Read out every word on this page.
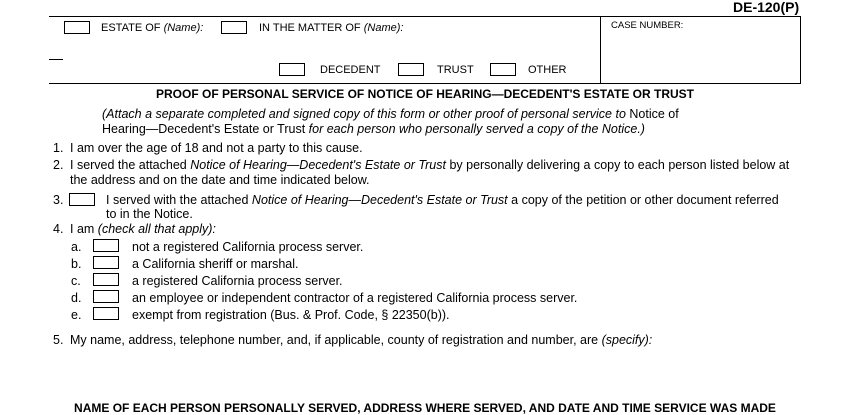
DE-120(P)
CASE NUMBER:
ESTATE OF (Name):	IN THE MATTER OF (Name):
DECEDENT	TRUST	OTHER
PROOF OF PERSONAL SERVICE OF NOTICE OF HEARING—DECEDENT'S ESTATE OR TRUST
(Attach a separate completed and signed copy of this form or other proof of personal service to Notice of
Hearing—Decedent's Estate or Trust for each person who personally served a copy of the Notice.)
1. I am over the age of 18 and not a party to this cause.
2. I served the attached Notice of Hearing—Decedent's Estate or Trust by personally delivering a copy to each person listed below at
the address and on the date and time indicated below.
3.	I served with the attached Notice of Hearing—Decedent's Estate or Trust a copy of the petition or other document referred
to in the Notice.
4. I am (check all that apply):
a.	not a registered California process server.
b.	a California sheriff or marshal.
c.	a registered California process server.
d.	an employee or independent contractor of a registered California process server.
e.	exempt from registration (Bus. & Prof. Code, § 22350(b)).
5. My name, address, telephone number, and, if applicable, county of registration and number, are (specify):
NAME OF EACH PERSON PERSONALLY SERVED, ADDRESS WHERE SERVED, AND DATE AND TIME SERVICE WAS MADE
